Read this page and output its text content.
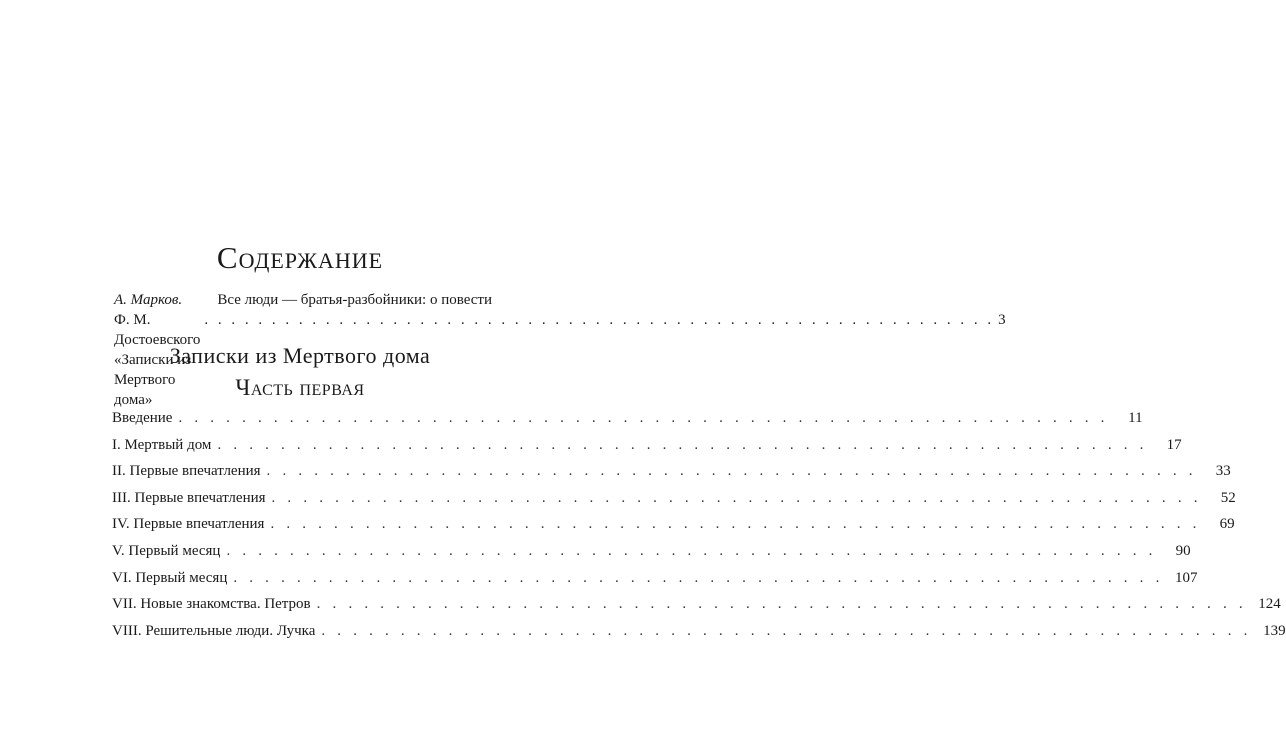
Содержание
А. Марков. Все люди — братья-разбойники: о повести
Ф. М. Достоевского «Записки из Мертвого дома»
. . . . . . . . . . . . . . . . . . . . . . . . . . . . . . . . . . . . . . . . . . . . . . . . . . . . . . . . . . . 3
Записки из Мертвого дома
Часть первая
Введение . . . . . . . . . . . . . . . . . . . . . . . . . . . . . . . . . . . . . . . . . . . . . . . . . . . . . . . . . . .	11
I. Мертвый дом . . . . . . . . . . . . . . . . . . . . . . . . . . . . . . . . . . . . . . . . . . . . . . . . . . . . . . . . . . .	17
II. Первые впечатления . . . . . . . . . . . . . . . . . . . . . . . . . . . . . . . . . . . . . . . . . . . . . . . . . . . . . . . . . . .	33
III. Первые впечатления . . . . . . . . . . . . . . . . . . . . . . . . . . . . . . . . . . . . . . . . . . . . . . . . . . . . . . . . . . .	52
IV. Первые впечатления . . . . . . . . . . . . . . . . . . . . . . . . . . . . . . . . . . . . . . . . . . . . . . . . . . . . . . . . . . .	69
V. Первый месяц . . . . . . . . . . . . . . . . . . . . . . . . . . . . . . . . . . . . . . . . . . . . . . . . . . . . . . . . . . .	90
VI. Первый месяц . . . . . . . . . . . . . . . . . . . . . . . . . . . . . . . . . . . . . . . . . . . . . . . . . . . . . . . . . . . 107
VII. Новые знакомства. Петров . . . . . . . . . . . . . . . . . . . . . . . . . . . . . . . . . . . . . . . . . . . . . . . . . . . . . . . . . . . 124
VIII. Решительные люди. Лучка . . . . . . . . . . . . . . . . . . . . . . . . . . . . . . . . . . . . . . . . . . . . . . . . . . . . . . . . . . . 139
